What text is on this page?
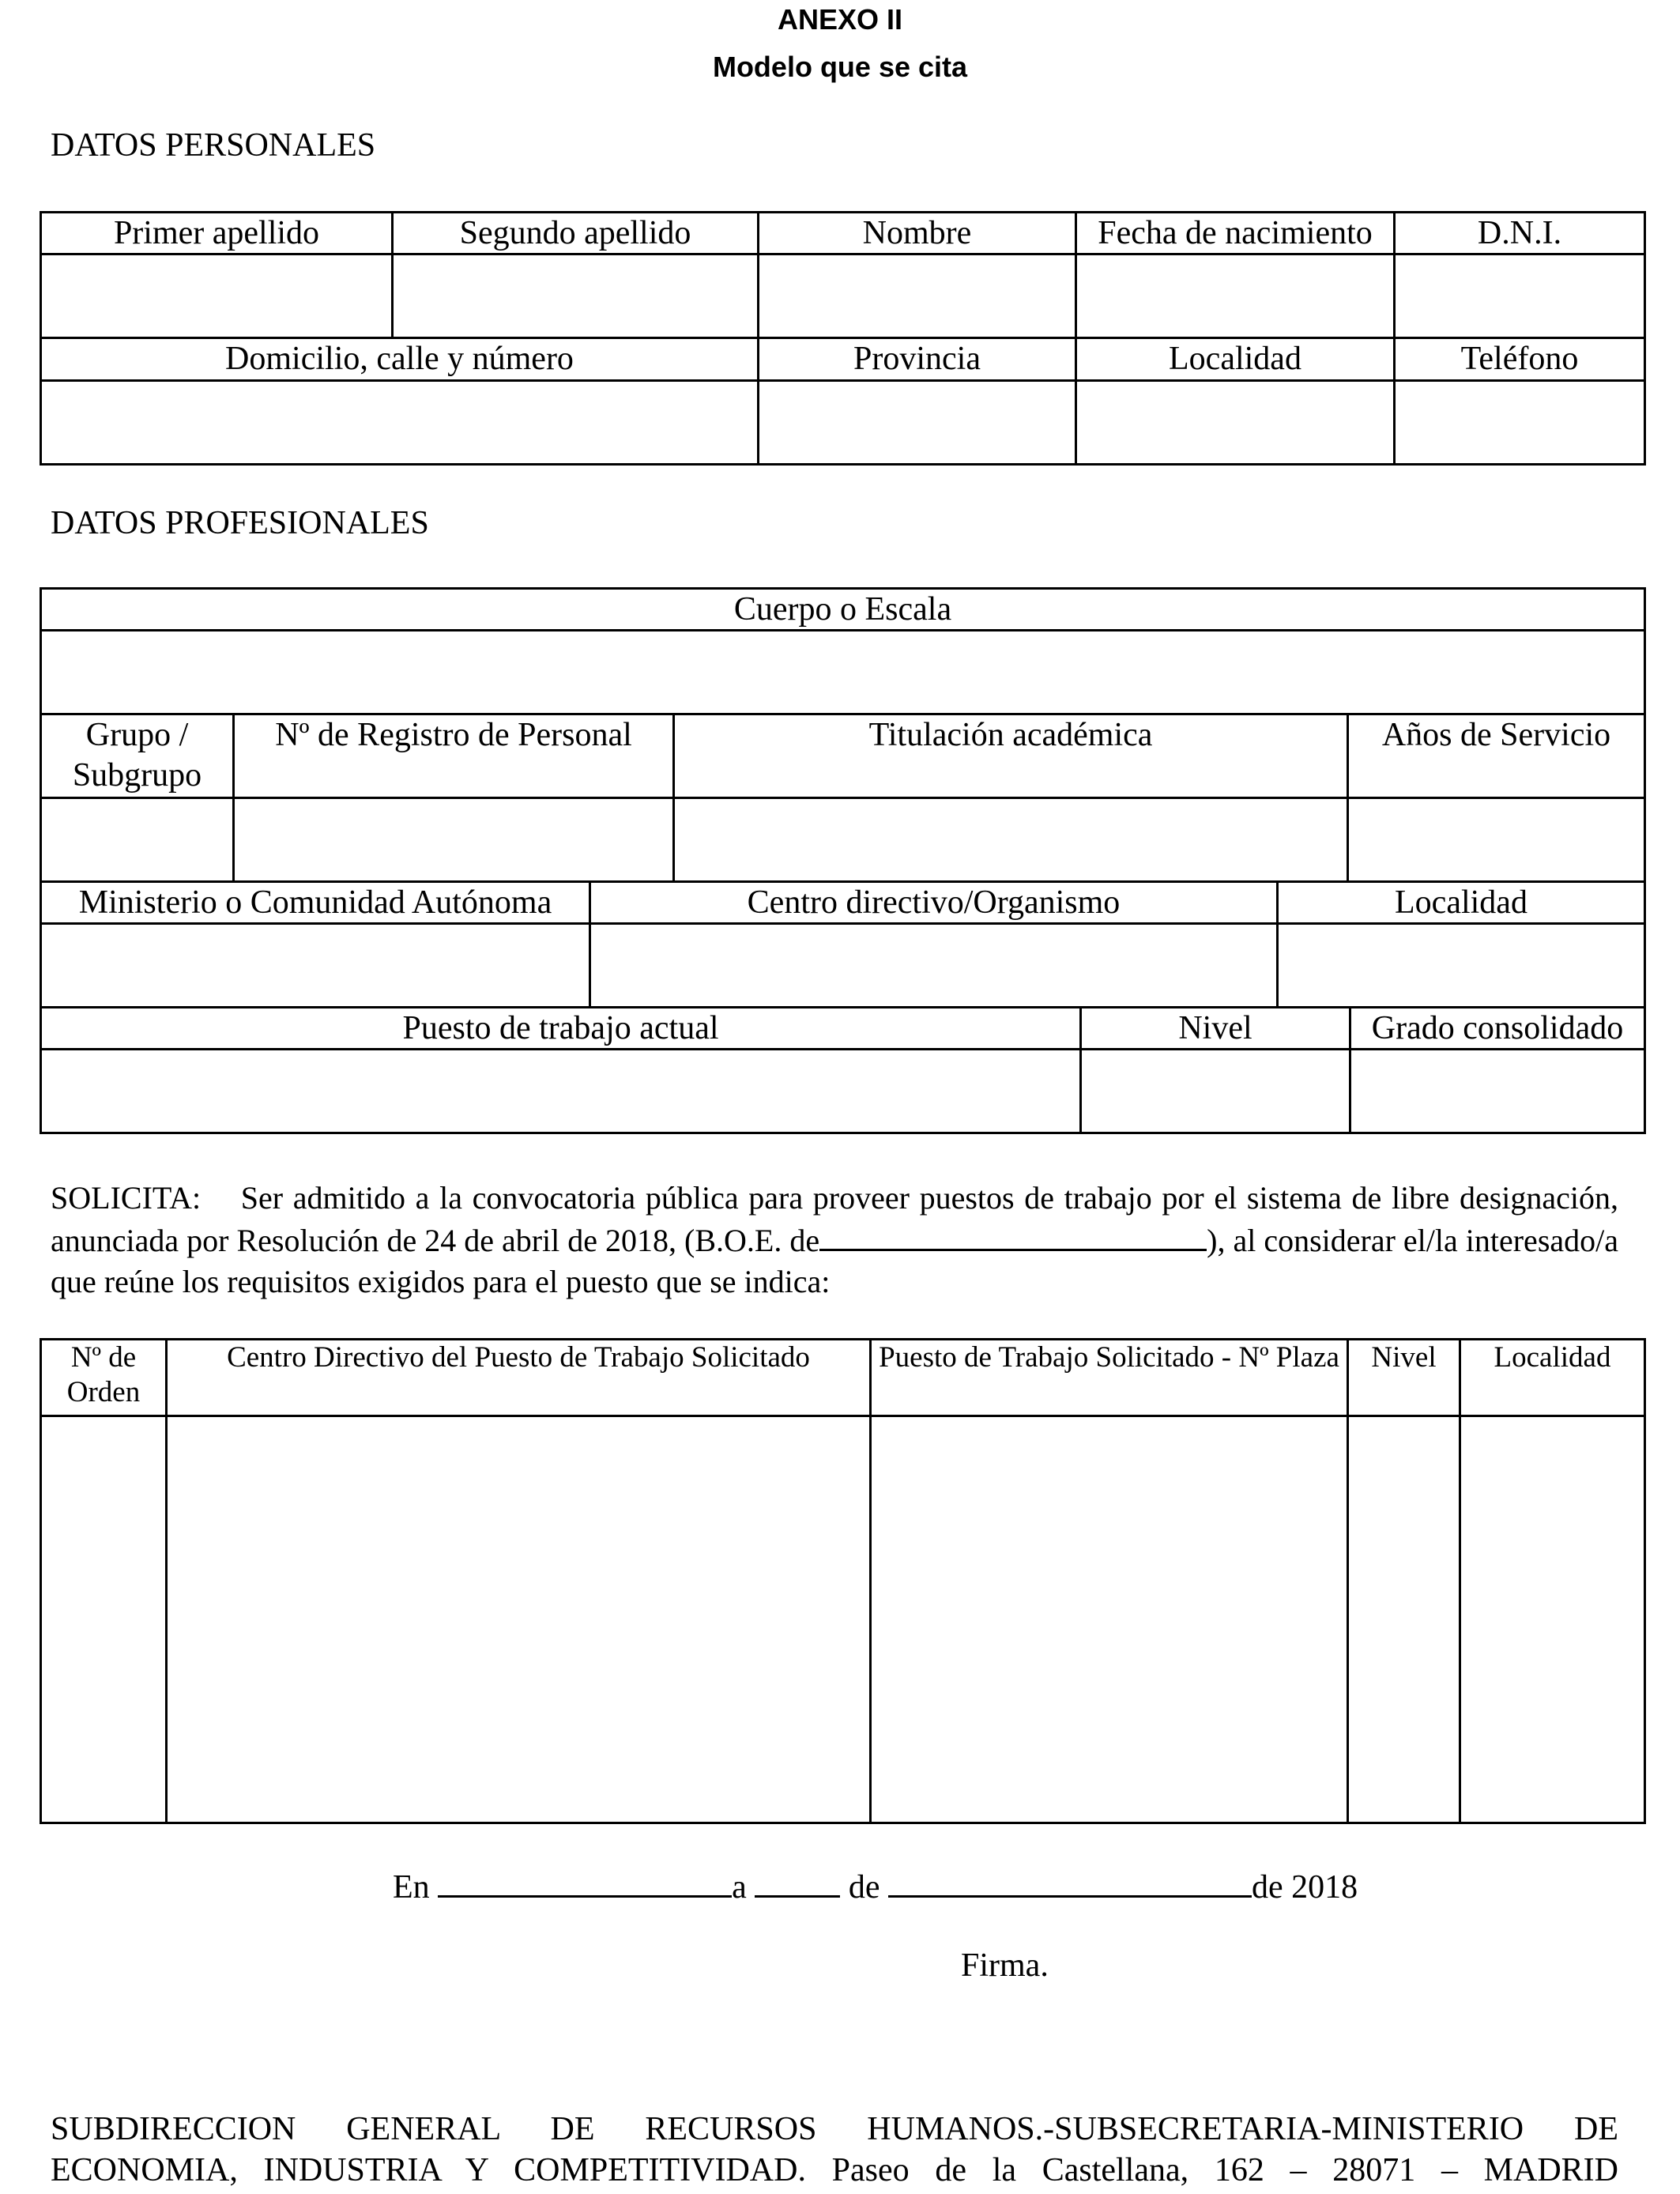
ANEXO II
Modelo que se cita
DATOS PERSONALES
Primer apellido	Segundo apellido	Nombre	Fecha de nacimiento	D.N.I.

Domicilio, calle y número		Provincia	Localidad	Teléfono

DATOS PROFESIONALES
Cuerpo o Escala			

Grupo / Subgrupo	Nº de Registro de Personal	Titulación académica	Años de Servicio

Ministerio o Comunidad Autónoma	Centro directivo/Organismo	Localidad

Puesto de trabajo actual	Nivel	Grado consolidado

SOLICITA: Ser admitido a la convocatoria pública para proveer puestos de trabajo por el sistema de libre designación, anunciada por Resolución de 24 de abril de 2018, (B.O.E. de	), al considerar el/la interesado/a que reúne los requisitos exigidos para el puesto que se indica:
Nº de Orden	Centro Directivo del Puesto de Trabajo Solicitado	Puesto de Trabajo Solicitado - Nº Plaza	Nivel	Localidad

En	a	de	de 2018
Firma.
SUBDIRECCION GENERAL DE RECURSOS HUMANOS.-SUBSECRETARIA-MINISTERIO DE
ECONOMIA, INDUSTRIA Y COMPETITIVIDAD. Paseo de la Castellana, 162 – 28071 – MADRID
